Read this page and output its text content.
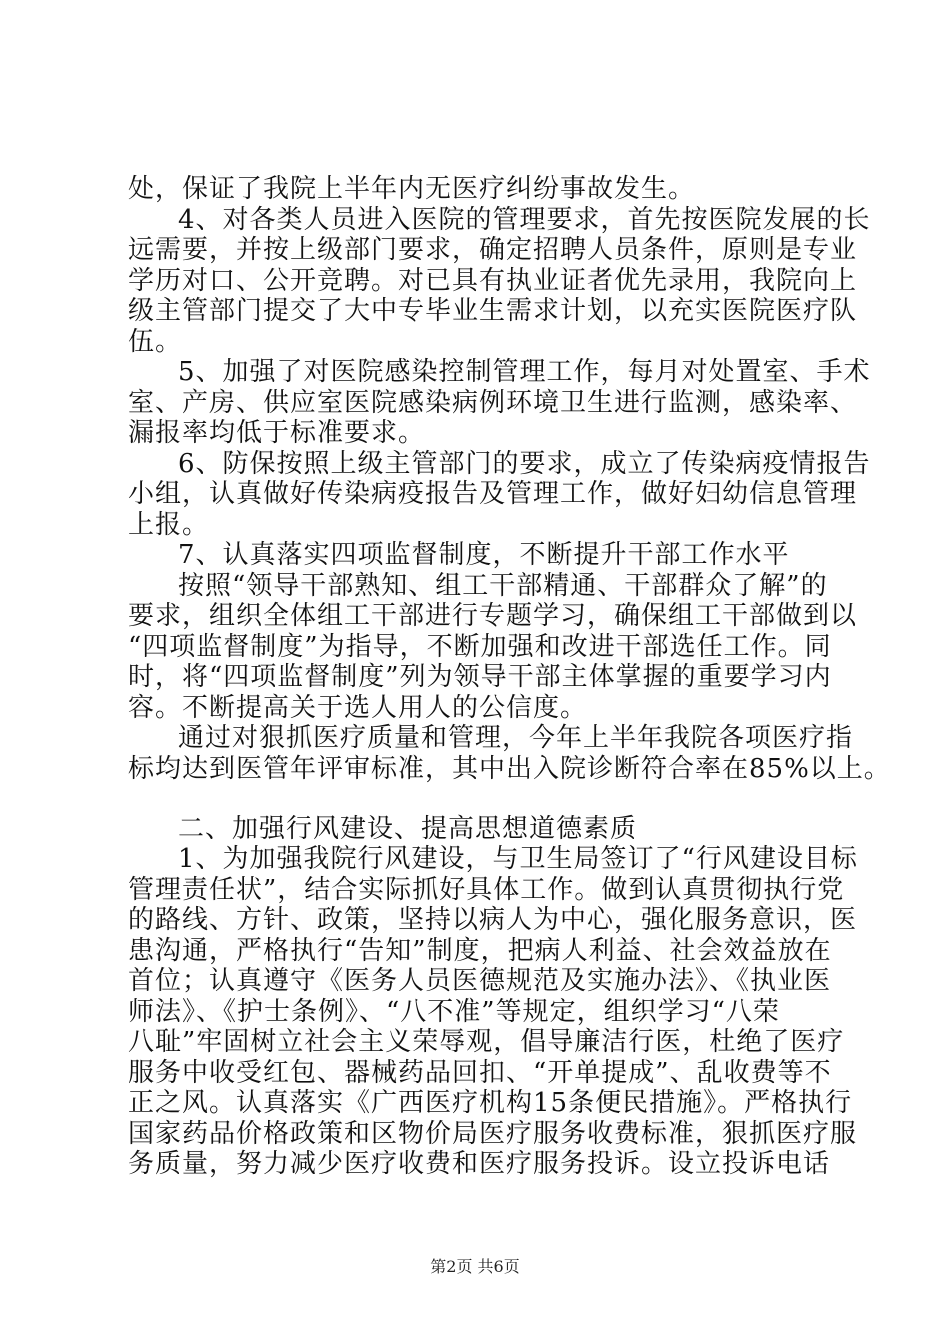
处，保证了我院上半年内无医疗纠纷事故发生。
4、对各类人员进入医院的管理要求，首先按医院发展的长
远需要，并按上级部门要求，确定招聘人员条件，原则是专业
学历对口、公开竞聘。对已具有执业证者优先录用，我院向上
级主管部门提交了大中专毕业生需求计划，以充实医院医疗队
伍。
5、加强了对医院感染控制管理工作，每月对处置室、手术
室、产房、供应室医院感染病例环境卫生进行监测，感染率、
漏报率均低于标准要求。
6、防保按照上级主管部门的要求，成立了传染病疫情报告
小组，认真做好传染病疫报告及管理工作，做好妇幼信息管理
上报。
7、认真落实四项监督制度，不断提升干部工作水平
按照“领导干部熟知、组工干部精通、干部群众了解”的
要求，组织全体组工干部进行专题学习，确保组工干部做到以
“四项监督制度”为指导，不断加强和改进干部选任工作。同
时，将“四项监督制度”列为领导干部主体掌握的重要学习内
容。不断提高关于选人用人的公信度。
通过对狠抓医疗质量和管理，今年上半年我院各项医疗指
标均达到医管年评审标准，其中出入院诊断符合率在85%以上。
二、加强行风建设、提高思想道德素质
1、为加强我院行风建设，与卫生局签订了“行风建设目标
管理责任状”，结合实际抓好具体工作。做到认真贯彻执行党
的路线、方针、政策，坚持以病人为中心，强化服务意识，医
患沟通，严格执行“告知”制度，把病人利益、社会效益放在
首位；认真遵守《医务人员医德规范及实施办法》、《执业医
师法》、《护士条例》、“八不准”等规定，组织学习“八荣
八耻”牢固树立社会主义荣辱观，倡导廉洁行医，杜绝了医疗
服务中收受红包、器械药品回扣、“开单提成”、乱收费等不
正之风。认真落实《广西医疗机构15条便民措施》。严格执行
国家药品价格政策和区物价局医疗服务收费标准，狠抓医疗服
务质量，努力减少医疗收费和医疗服务投诉。设立投诉电话
第2页 共6页
